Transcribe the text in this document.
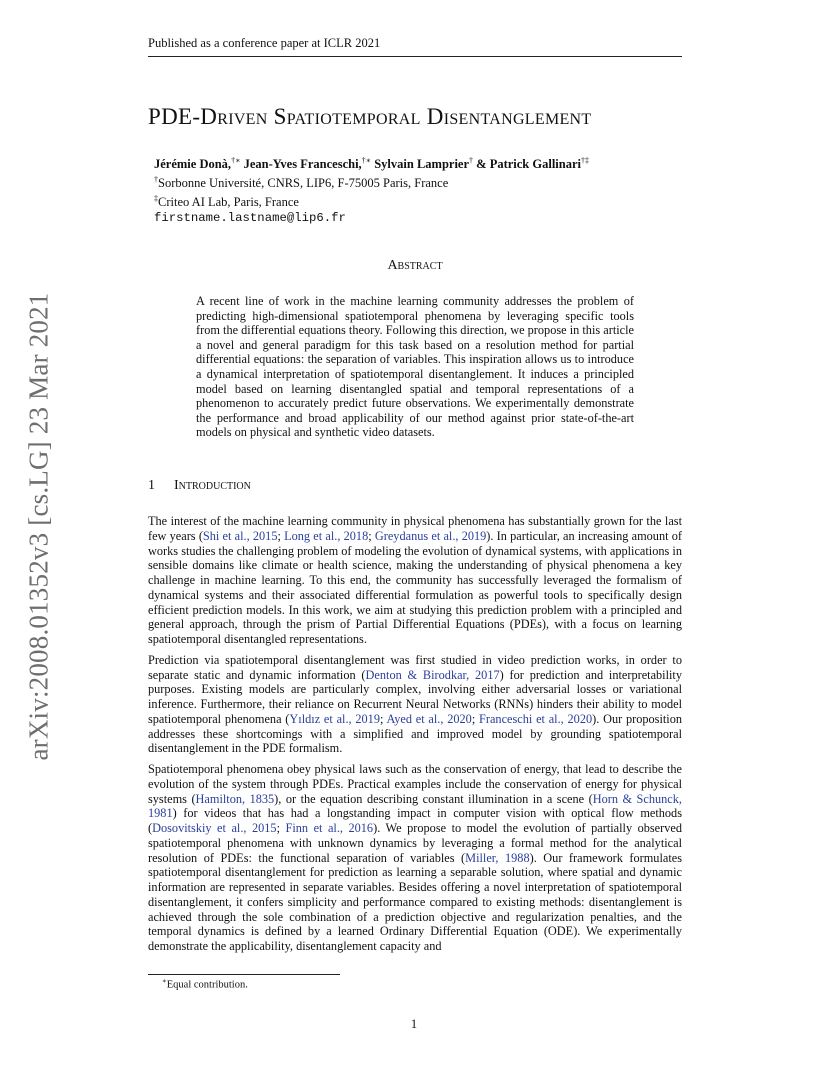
arXiv:2008.01352v3 [cs.LG] 23 Mar 2021
Published as a conference paper at ICLR 2021
PDE-Driven Spatiotemporal Disentanglement
Jérémie Donà,†∗ Jean-Yves Franceschi,†∗ Sylvain Lamprier† & Patrick Gallinari†‡
†Sorbonne Université, CNRS, LIP6, F-75005 Paris, France
‡Criteo AI Lab, Paris, France
firstname.lastname@lip6.fr
Abstract

A recent line of work in the machine learning community addresses the problem of predicting high-dimensional spatiotemporal phenomena by leveraging specific tools from the differential equations theory. Following this direction, we propose in this article a novel and general paradigm for this task based on a resolution method for partial differential equations: the separation of variables. This inspiration allows us to introduce a dynamical interpretation of spatiotemporal disentanglement. It induces a principled model based on learning disentangled spatial and temporal representations of a phenomenon to accurately predict future observations. We experimentally demonstrate the performance and broad applicability of our method against prior state-of-the-art models on physical and synthetic video datasets.

1 Introduction

The interest of the machine learning community in physical phenomena has substantially grown for the last few years (Shi et al., 2015; Long et al., 2018; Greydanus et al., 2019). In particular, an increasing amount of works studies the challenging problem of modeling the evolution of dynamical systems, with applications in sensible domains like climate or health science, making the understanding of physical phenomena a key challenge in machine learning. To this end, the community has successfully leveraged the formalism of dynamical systems and their associated differential formulation as powerful tools to specifically design efficient prediction models. In this work, we aim at studying this prediction problem with a principled and general approach, through the prism of Partial Differential Equations (PDEs), with a focus on learning spatiotemporal disentangled representations.

Prediction via spatiotemporal disentanglement was first studied in video prediction works, in order to separate static and dynamic information (Denton & Birodkar, 2017) for prediction and interpretability purposes. Existing models are particularly complex, involving either adversarial losses or variational inference. Furthermore, their reliance on Recurrent Neural Networks (RNNs) hinders their ability to model spatiotemporal phenomena (Yıldız et al., 2019; Ayed et al., 2020; Franceschi et al., 2020). Our proposition addresses these shortcomings with a simplified and improved model by grounding spatiotemporal disentanglement in the PDE formalism.

Spatiotemporal phenomena obey physical laws such as the conservation of energy, that lead to describe the evolution of the system through PDEs. Practical examples include the conservation of energy for physical systems (Hamilton, 1835), or the equation describing constant illumination in a scene (Horn & Schunck, 1981) for videos that has had a longstanding impact in computer vision with optical flow methods (Dosovitskiy et al., 2015; Finn et al., 2016). We propose to model the evolution of partially observed spatiotemporal phenomena with unknown dynamics by leveraging a formal method for the analytical resolution of PDEs: the functional separation of variables (Miller, 1988). Our framework formulates spatiotemporal disentanglement for prediction as learning a separable solution, where spatial and dynamic information are represented in separate variables. Besides offering a novel interpretation of spatiotemporal disentanglement, it confers simplicity and performance compared to existing methods: disentanglement is achieved through the sole combination of a prediction objective and regularization penalties, and the temporal dynamics is defined by a learned Ordinary Differential Equation (ODE). We experimentally demonstrate the applicability, disentanglement capacity and

∗Equal contribution.
1
